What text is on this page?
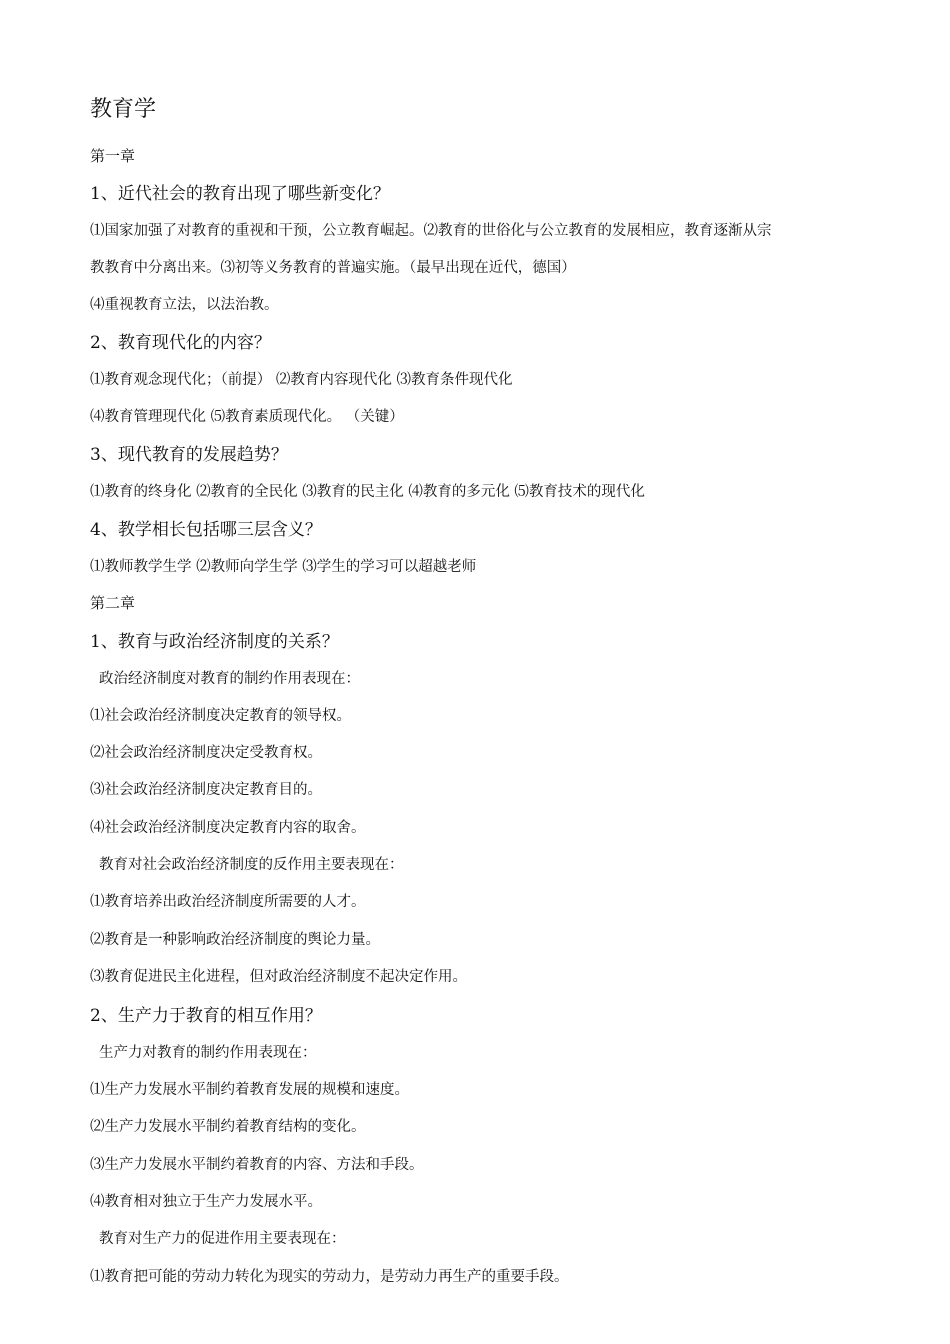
教育学
第一章
1、近代社会的教育出现了哪些新变化？
⑴国家加强了对教育的重视和干预，公立教育崛起。⑵教育的世俗化与公立教育的发展相应，教育逐渐从宗
教教育中分离出来。⑶初等义务教育的普遍实施。（最早出现在近代，德国）
⑷重视教育立法，以法治教。
2、教育现代化的内容？
⑴教育观念现代化；（前提） ⑵教育内容现代化 ⑶教育条件现代化
⑷教育管理现代化 ⑸教育素质现代化。 （关键）
3、现代教育的发展趋势？
⑴教育的终身化 ⑵教育的全民化 ⑶教育的民主化 ⑷教育的多元化 ⑸教育技术的现代化
4、教学相长包括哪三层含义？
⑴教师教学生学 ⑵教师向学生学 ⑶学生的学习可以超越老师
第二章
1、教育与政治经济制度的关系？
政治经济制度对教育的制约作用表现在：
⑴社会政治经济制度决定教育的领导权。
⑵社会政治经济制度决定受教育权。
⑶社会政治经济制度决定教育目的。
⑷社会政治经济制度决定教育内容的取舍。
教育对社会政治经济制度的反作用主要表现在：
⑴教育培养出政治经济制度所需要的人才。
⑵教育是一种影响政治经济制度的舆论力量。
⑶教育促进民主化进程，但对政治经济制度不起决定作用。
2、生产力于教育的相互作用？
生产力对教育的制约作用表现在：
⑴生产力发展水平制约着教育发展的规模和速度。
⑵生产力发展水平制约着教育结构的变化。
⑶生产力发展水平制约着教育的内容、方法和手段。
⑷教育相对独立于生产力发展水平。
教育对生产力的促进作用主要表现在：
⑴教育把可能的劳动力转化为现实的劳动力，是劳动力再生产的重要手段。
